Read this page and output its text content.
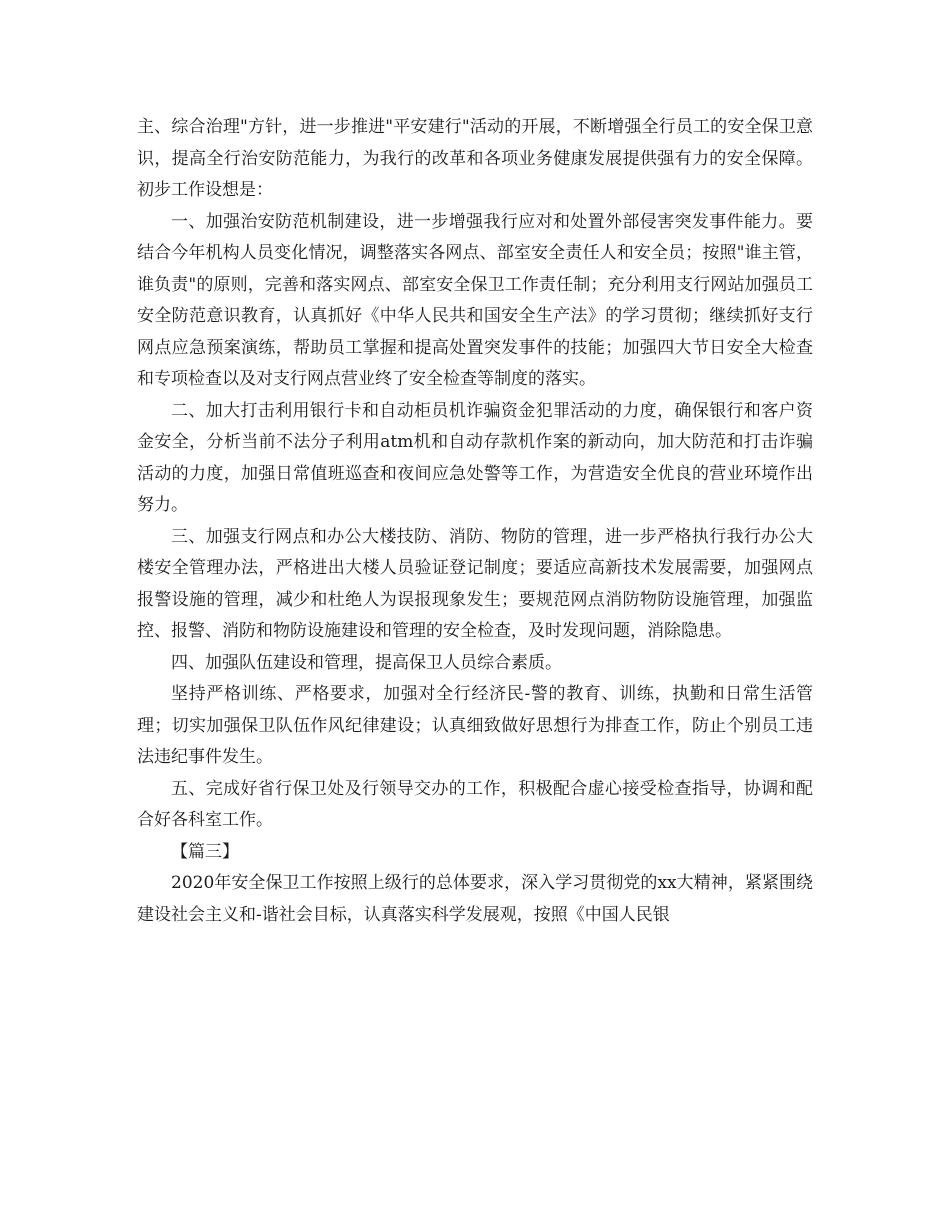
主、综合治理"方针，进一步推进"平安建行"活动的开展，不断增强全行员工的安全保卫意识，提高全行治安防范能力，为我行的改革和各项业务健康发展提供强有力的安全保障。初步工作设想是：

一、加强治安防范机制建设，进一步增强我行应对和处置外部侵害突发事件能力。要结合今年机构人员变化情况，调整落实各网点、部室安全责任人和安全员；按照"谁主管，谁负责"的原则，完善和落实网点、部室安全保卫工作责任制；充分利用支行网站加强员工安全防范意识教育，认真抓好《中华人民共和国安全生产法》的学习贯彻；继续抓好支行网点应急预案演练，帮助员工掌握和提高处置突发事件的技能；加强四大节日安全大检查和专项检查以及对支行网点营业终了安全检查等制度的落实。

二、加大打击利用银行卡和自动柜员机诈骗资金犯罪活动的力度，确保银行和客户资金安全，分析当前不法分子利用atm机和自动存款机作案的新动向，加大防范和打击诈骗活动的力度，加强日常值班巡查和夜间应急处警等工作，为营造安全优良的营业环境作出努力。

三、加强支行网点和办公大楼技防、消防、物防的管理，进一步严格执行我行办公大楼安全管理办法，严格进出大楼人员验证登记制度；要适应高新技术发展需要，加强网点报警设施的管理，减少和杜绝人为误报现象发生；要规范网点消防物防设施管理，加强监控、报警、消防和物防设施建设和管理的安全检查，及时发现问题，消除隐患。

四、加强队伍建设和管理，提高保卫人员综合素质。

坚持严格训练、严格要求，加强对全行经济民-警的教育、训练，执勤和日常生活管理；切实加强保卫队伍作风纪律建设；认真细致做好思想行为排查工作，防止个别员工违法违纪事件发生。

五、完成好省行保卫处及行领导交办的工作，积极配合虚心接受检查指导，协调和配合好各科室工作。

【篇三】

2020年安全保卫工作按照上级行的总体要求，深入学习贯彻党的xx大精神，紧紧围绕建设社会主义和-谐社会目标，认真落实科学发展观，按照《中国人民银
